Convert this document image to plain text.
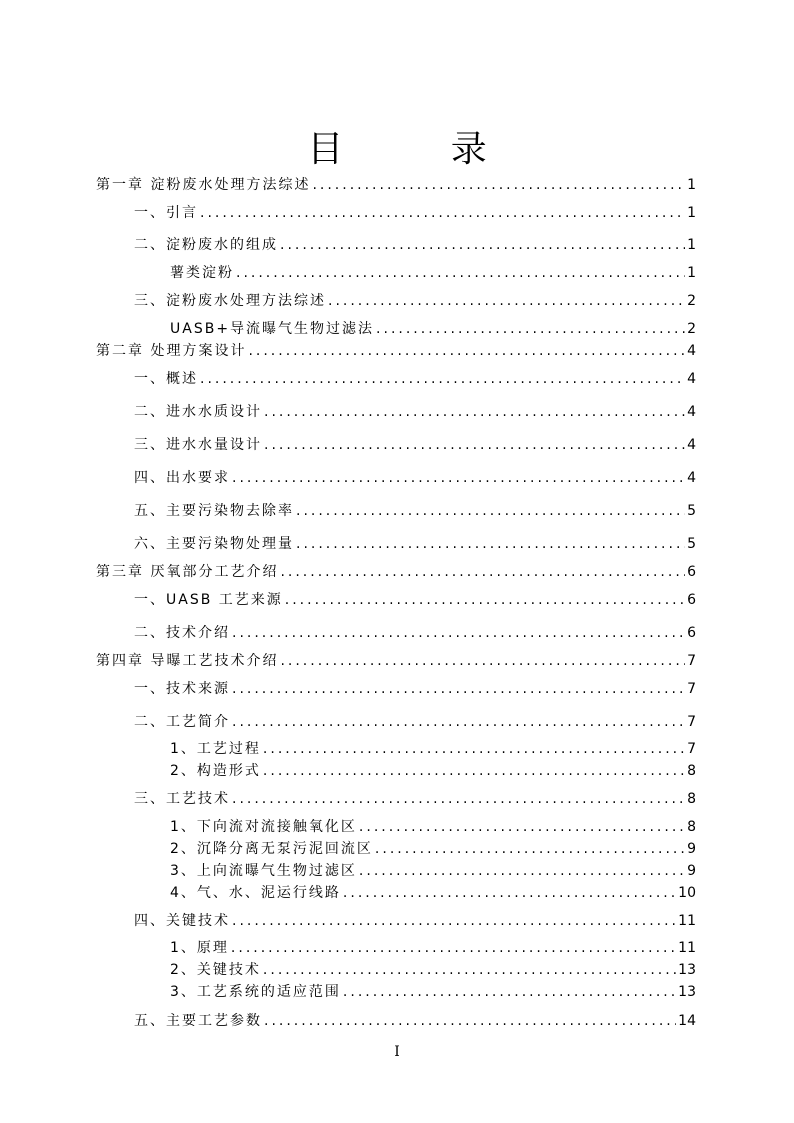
目 录
第一章 淀粉废水处理方法综述 .....	1
一、引言 .....	1
二、淀粉废水的组成 .....	1
薯类淀粉 .....	1
三、淀粉废水处理方法综述 .....	2
UASB+导流曝气生物过滤法 .....	2
第二章 处理方案设计 .....	4
一、概述 .....	4
二、进水水质设计 .....	4
三、进水水量设计 .....	4
四、出水要求 .....	4
五、主要污染物去除率 .....	5
六、主要污染物处理量 .....	5
第三章 厌氧部分工艺介绍 .....	6
一、UASB 工艺来源 .....	6
二、技术介绍 .....	6
第四章 导曝工艺技术介绍 .....	7
一、技术来源 .....	7
二、工艺简介 .....	7
1、工艺过程 .....	7
2、构造形式 .....	8
三、工艺技术 .....	8
1、下向流对流接触氧化区 .....	8
2、沉降分离无泵污泥回流区 .....	9
3、上向流曝气生物过滤区 .....	9
4、气、水、泥运行线路 .....	10
四、关键技术 .....	11
1、原理 .....	11
2、关键技术 .....	13
3、工艺系统的适应范围 .....	13
五、主要工艺参数 .....	14
I
